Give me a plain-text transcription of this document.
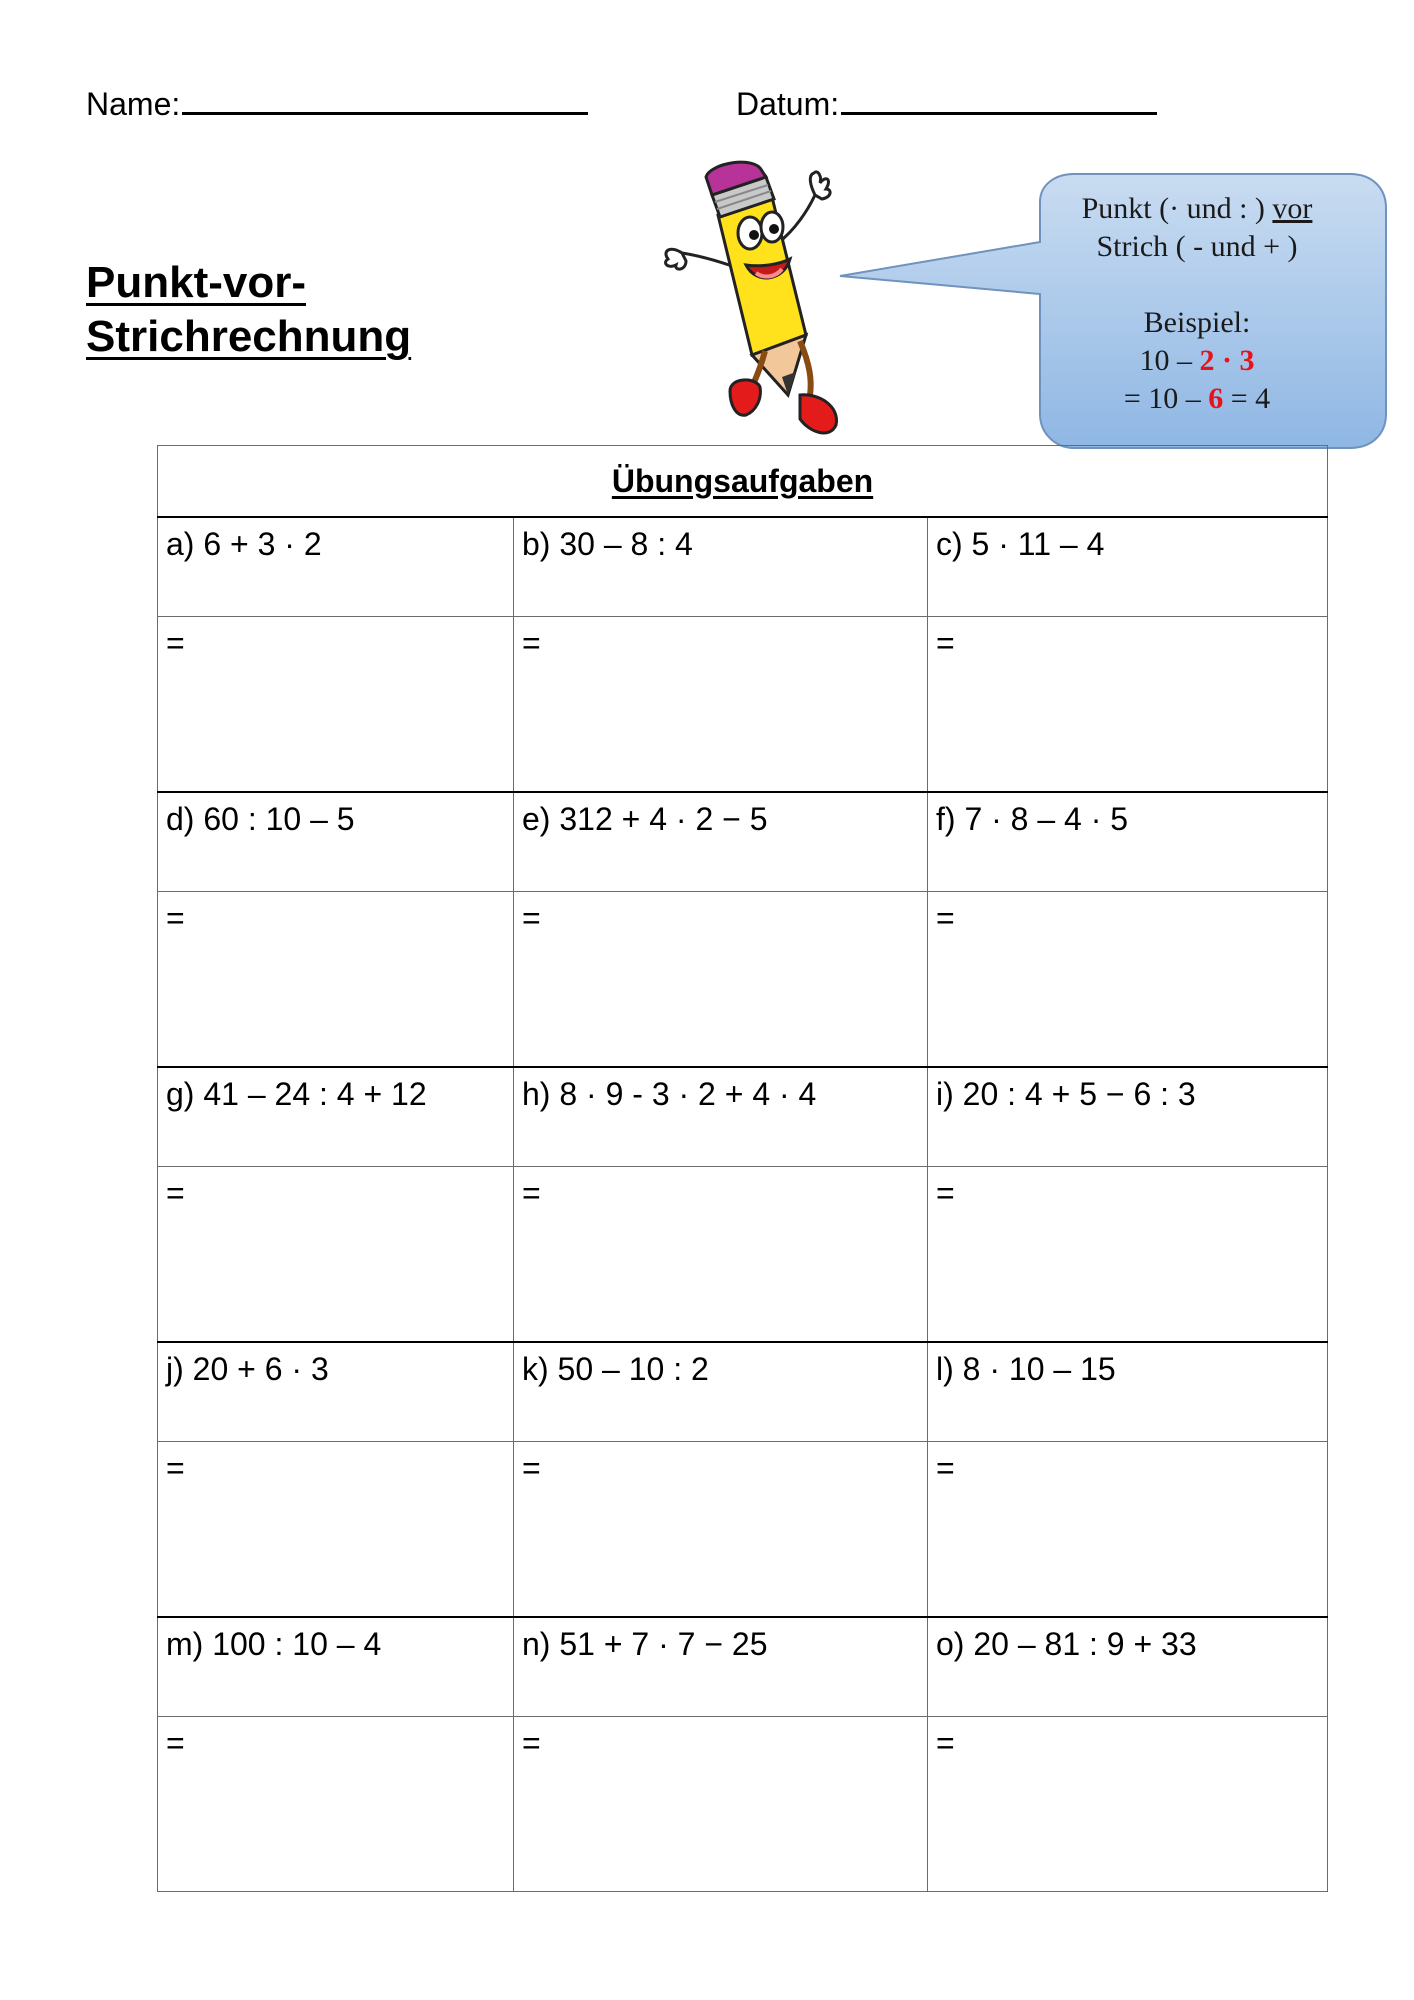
Name:	Datum:
Punkt-vor-
Strichrechnung
Punkt (· und : ) vor
Strich ( - und + )
Beispiel:
10 – 2 · 3
= 10 – 6 = 4
Übungsaufgaben		
a) 6 + 3 · 2	b) 30 – 8 : 4	c) 5 · 11 – 4
=	=	=
d) 60 : 10 – 5	e) 312 + 4 · 2 − 5	f) 7 · 8 – 4 · 5
=	=	=
g) 41 – 24 : 4 + 12	h) 8 · 9 - 3 · 2 + 4 · 4	i) 20 : 4 + 5 − 6 : 3
=	=	=
j) 20 + 6 · 3	k) 50 – 10 : 2	l) 8 · 10 – 15
=	=	=
m) 100 : 10 – 4	n) 51 + 7 · 7 − 25	o) 20 – 81 : 9 + 33
=	=	=
